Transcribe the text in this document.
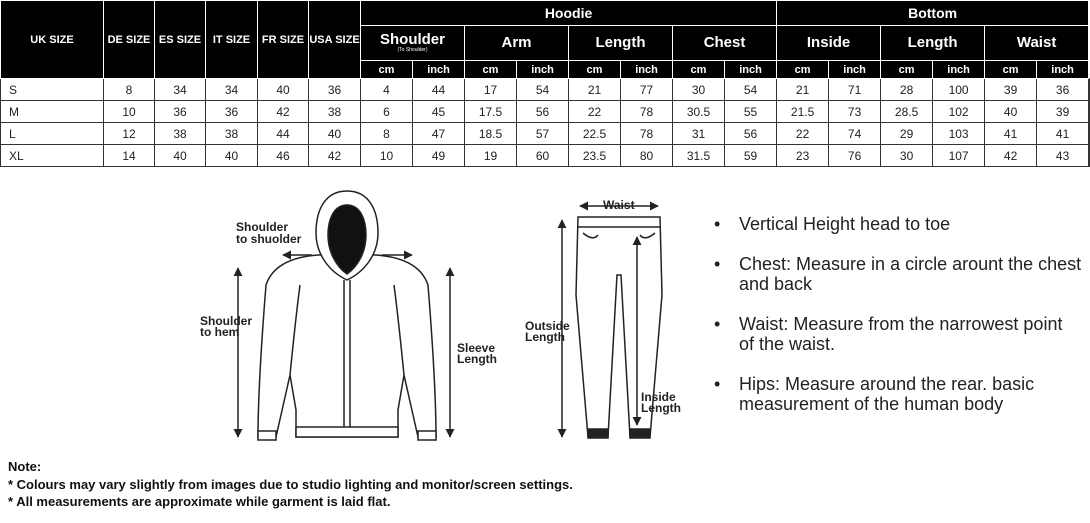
UK SIZE	DE SIZE	ES SIZE	IT SIZE	FR SIZE	USA SIZE	Hoodie								Bottom						
						Shoulder
(To Shoulder)		Arm		Length		Chest		Inside		Length		Waist		
						cm	inch	cm	inch	cm	inch	cm	inch	cm	inch	cm	inch	cm	inch	
S	8	34	34	40	36	4	44	17	54	21	77	30	54	21	71	28	100	39	36	
M	10	36	36	42	38	6	45	17.5	56	22	78	30.5	55	21.5	73	28.5	102	40	39	
L	12	38	38	44	40	8	47	18.5	57	22.5	78	31	56	22	74	29	103	41	41	
XL	14	40	40	46	42	10	49	19	60	23.5	80	31.5	59	23	76	30	107	42	43	
Shoulder
to shuolder
Shoulder
to hem
Sleeve
Length
Waist
Outside
Length
Inside
Length
• Vertical Height head to toe
• Chest: Measure in a circle arount the chest and back
• Waist: Measure from the narrowest point of the waist.
• Hips: Measure around the rear. basic measurement of the human body
Note:
* Colours may vary slightly from images due to studio lighting and monitor/screen settings.
* All measurements are approximate while garment is laid flat.
